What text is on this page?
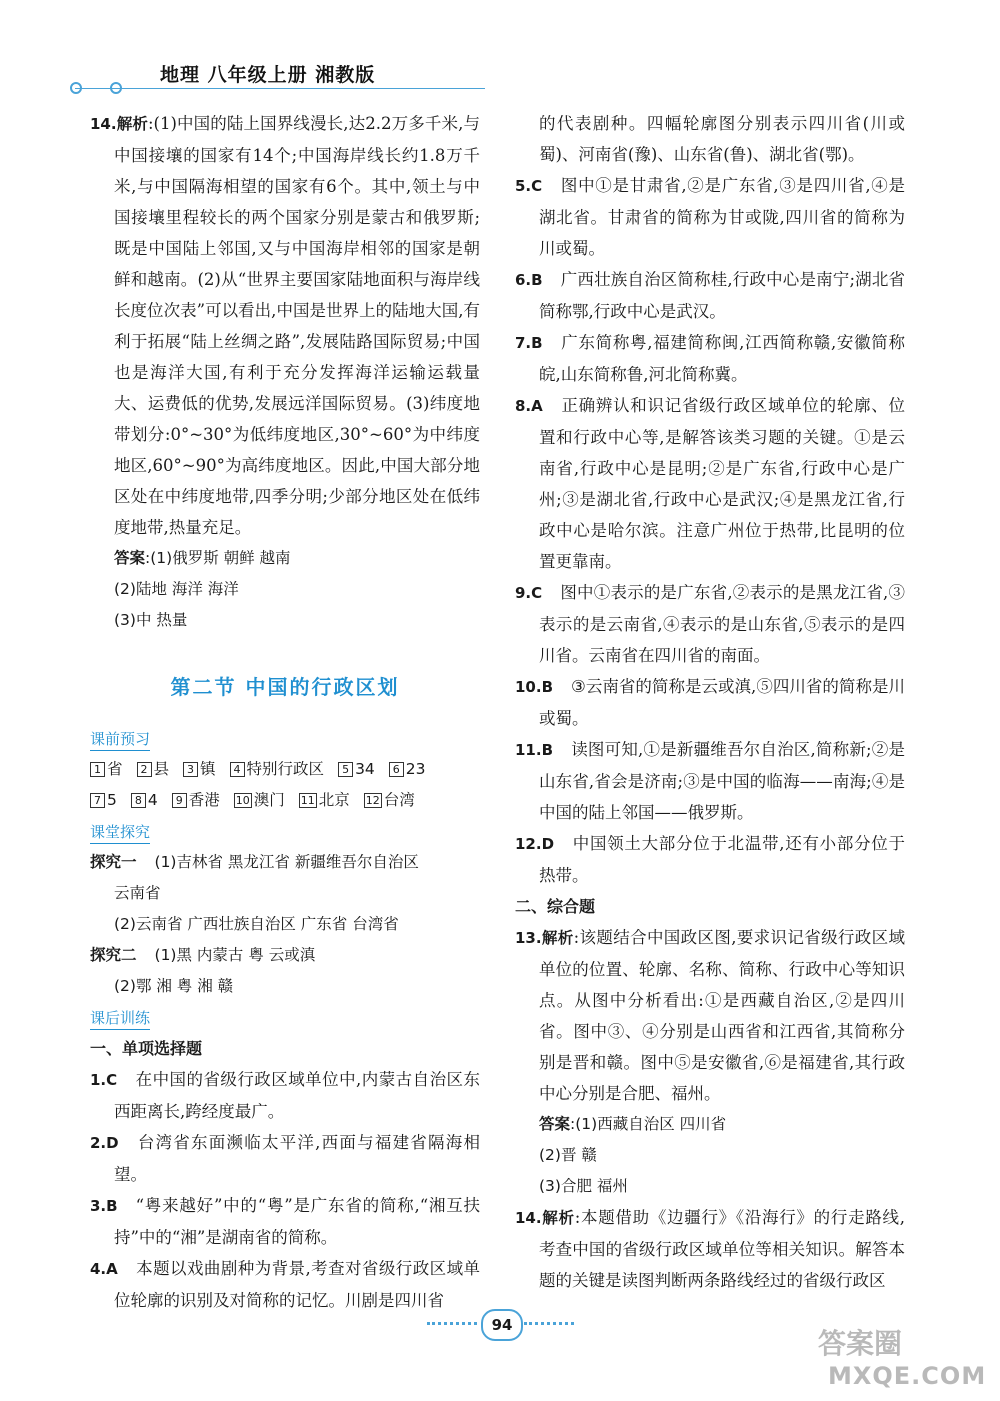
地理 八年级上册 湘教版

14.解析:(1)中国的陆上国界线漫长,达2.2万多千米,与中国接壤的国家有14个;中国海岸线长约1.8万千米,与中国隔海相望的国家有6个。其中,领土与中国接壤里程较长的两个国家分别是蒙古和俄罗斯;既是中国陆上邻国,又与中国海岸相邻的国家是朝鲜和越南。(2)从“世界主要国家陆地面积与海岸线长度位次表”可以看出,中国是世界上的陆地大国,有利于拓展“陆上丝绸之路”,发展陆路国际贸易;中国也是海洋大国,有利于充分发挥海洋运输运载量大、运费低的优势,发展远洋国际贸易。(3)纬度地带划分:0°~30°为低纬度地区,30°~60°为中纬度地区,60°~90°为高纬度地区。因此,中国大部分地区处在中纬度地带,四季分明;少部分地区处在低纬度地带,热量充足。

答案:(1)俄罗斯 朝鲜 越南

(2)陆地 海洋 海洋

(3)中 热量

第二节 中国的行政区划
课前预习
1 省 2 县 3 镇 4 特别行政区 5 34 6 23
7 5 8 4 9 香港 10 澳门 11 北京 12 台湾
课堂探究

探究一 (1)吉林省 黑龙江省 新疆维吾尔自治区

云南省

(2)云南省 广西壮族自治区 广东省 台湾省

探究二 (1)黑 内蒙古 粤 云或滇

(2)鄂 湘 粤 湘 赣

课后训练

一、单项选择题

1.C 在中国的省级行政区域单位中,内蒙古自治区东西距离长,跨经度最广。

2.D 台湾省东面濒临太平洋,西面与福建省隔海相望。

3.B “粤来越好”中的“粤”是广东省的简称,“湘互扶持”中的“湘”是湖南省的简称。

4.A 本题以戏曲剧种为背景,考查对省级行政区域单位轮廓的识别及对简称的记忆。川剧是四川省

的代表剧种。四幅轮廓图分别表示四川省(川或蜀)、河南省(豫)、山东省(鲁)、湖北省(鄂)。

5.C 图中①是甘肃省,②是广东省,③是四川省,④是湖北省。甘肃省的简称为甘或陇,四川省的简称为川或蜀。

6.B 广西壮族自治区简称桂,行政中心是南宁;湖北省简称鄂,行政中心是武汉。

7.B 广东简称粤,福建简称闽,江西简称赣,安徽简称皖,山东简称鲁,河北简称冀。

8.A 正确辨认和识记省级行政区域单位的轮廓、位置和行政中心等,是解答该类习题的关键。①是云南省,行政中心是昆明;②是广东省,行政中心是广州;③是湖北省,行政中心是武汉;④是黑龙江省,行政中心是哈尔滨。注意广州位于热带,比昆明的位置更靠南。

9.C 图中①表示的是广东省,②表示的是黑龙江省,③表示的是云南省,④表示的是山东省,⑤表示的是四川省。云南省在四川省的南面。

10.B ③云南省的简称是云或滇,⑤四川省的简称是川或蜀。

11.B 读图可知,①是新疆维吾尔自治区,简称新;②是山东省,省会是济南;③是中国的临海——南海;④是中国的陆上邻国——俄罗斯。

12.D 中国领土大部分位于北温带,还有小部分位于热带。

二、综合题

13.解析:该题结合中国政区图,要求识记省级行政区域单位的位置、轮廓、名称、简称、行政中心等知识点。从图中分析看出:①是西藏自治区,②是四川省。图中③、④分别是山西省和江西省,其简称分别是晋和赣。图中⑤是安徽省,⑥是福建省,其行政中心分别是合肥、福州。

答案:(1)西藏自治区 四川省

(2)晋 赣

(3)合肥 福州

14.解析:本题借助《边疆行》《沿海行》的行走路线,考查中国的省级行政区域单位等相关知识。解答本题的关键是读图判断两条路线经过的省级行政区

94
答案圈
MXQE.COM
